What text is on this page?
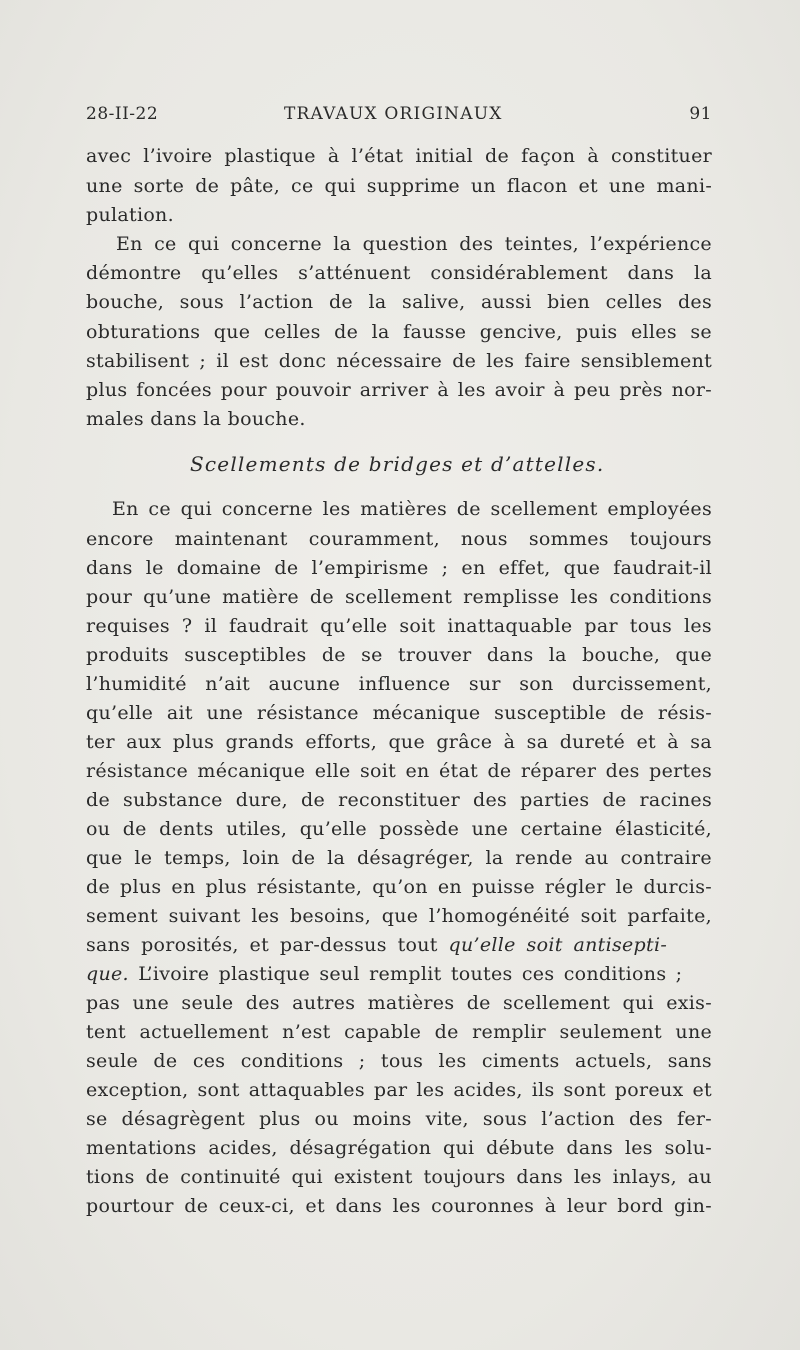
28-II-22	TRAVAUX ORIGINAUX	91
avec l’ivoire plastique à l’état initial de façon à constituer
une sorte de pâte, ce qui supprime un flacon et une mani-
pulation.
En ce qui concerne la question des teintes, l’expérience
démontre qu’elles s’atténuent considérablement dans la
bouche, sous l’action de la salive, aussi bien celles des
obturations que celles de la fausse gencive, puis elles se
stabilisent ; il est donc nécessaire de les faire sensiblement
plus foncées pour pouvoir arriver à les avoir à peu près nor-
males dans la bouche.
En ce qui concerne les matières de scellement employées
encore maintenant couramment, nous sommes toujours
dans le domaine de l’empirisme ; en effet, que faudrait-il
pour qu’une matière de scellement remplisse les conditions
requises ? il faudrait qu’elle soit inattaquable par tous les
produits susceptibles de se trouver dans la bouche, que
l’humidité n’ait aucune influence sur son durcissement,
qu’elle ait une résistance mécanique susceptible de résis-
ter aux plus grands efforts, que grâce à sa dureté et à sa
résistance mécanique elle soit en état de réparer des pertes
de substance dure, de reconstituer des parties de racines
ou de dents utiles, qu’elle possède une certaine élasticité,
que le temps, loin de la désagréger, la rende au contraire
de plus en plus résistante, qu’on en puisse régler le durcis-
sement suivant les besoins, que l’homogénéité soit parfaite,
sans porosités, et par-dessus tout qu’elle soit antisepti-
que. L’ivoire plastique seul remplit toutes ces conditions ;
pas une seule des autres matières de scellement qui exis-
tent actuellement n’est capable de remplir seulement une
seule de ces conditions ; tous les ciments actuels, sans
exception, sont attaquables par les acides, ils sont poreux et
se désagrègent plus ou moins vite, sous l’action des fer-
mentations acides, désagrégation qui débute dans les solu-
tions de continuité qui existent toujours dans les inlays, au
pourtour de ceux-ci, et dans les couronnes à leur bord gin-
Scellements de bridges et d’attelles.
